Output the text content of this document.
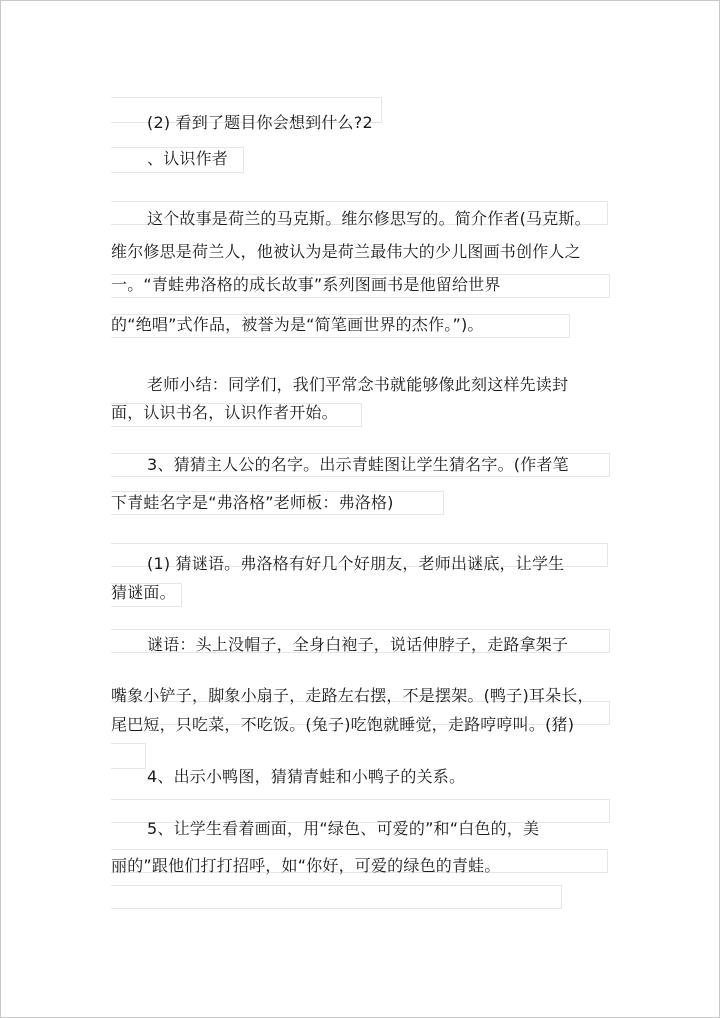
(2) 看到了题目你会想到什么?2
、认识作者
这个故事是荷兰的马克斯。维尔修思写的。简介作者(马克斯。
维尔修思是荷兰人，他被认为是荷兰最伟大的少儿图画书创作人之
一。“青蛙弗洛格的成长故事”系列图画书是他留给世界
的“绝唱”式作品，被誉为是“简笔画世界的杰作。”)。
老师小结：同学们，我们平常念书就能够像此刻这样先读封
面，认识书名，认识作者开始。
3、猜猜主人公的名字。出示青蛙图让学生猜名字。(作者笔
下青蛙名字是“弗洛格”老师板：弗洛格)
(1) 猜谜语。弗洛格有好几个好朋友，老师出谜底，让学生
猜谜面。
谜语：头上没帽子，全身白袍子，说话伸脖子，走路拿架子
嘴象小铲子，脚象小扇子，走路左右摆，不是摆架。(鸭子)耳朵长，
尾巴短，只吃菜，不吃饭。(兔子)吃饱就睡觉，走路哼哼叫。(猪)
4、出示小鸭图，猜猜青蛙和小鸭子的关系。
5、让学生看着画面，用“绿色、可爱的”和“白色的，美
丽的”跟他们打打招呼，如“你好，可爱的绿色的青蛙。
